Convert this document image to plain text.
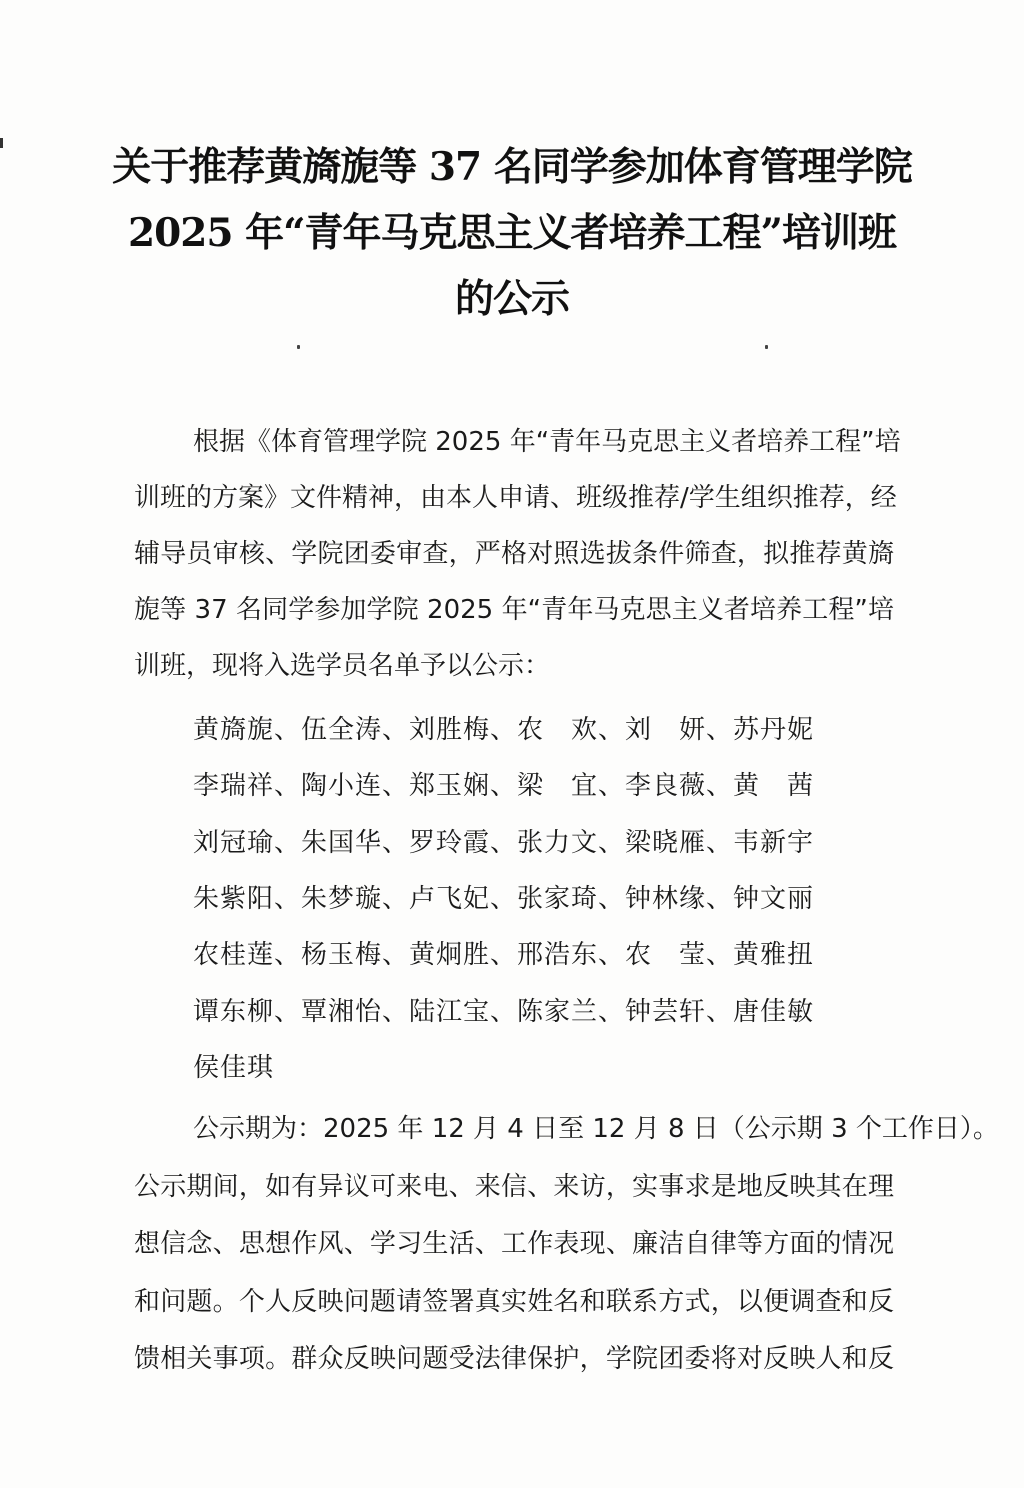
关于推荐黄旖旎等 37 名同学参加体育管理学院
2025 年“青年马克思主义者培养工程”培训班
的公示
根据《体育管理学院 2025 年“青年马克思主义者培养工程”培
训班的方案》文件精神，由本人申请、班级推荐/学生组织推荐，经
辅导员审核、学院团委审查，严格对照选拔条件筛查，拟推荐黄旖
旎等 37 名同学参加学院 2025 年“青年马克思主义者培养工程”培
训班，现将入选学员名单予以公示：
黄旖旎、伍全涛、刘胜梅、农　欢、刘　妍、苏丹妮
李瑞祥、陶小连、郑玉娴、梁　宜、李良薇、黄　茜
刘冠瑜、朱国华、罗玲霞、张力文、梁晓雁、韦新宇
朱紫阳、朱梦璇、卢飞妃、张家琦、钟林缘、钟文丽
农桂莲、杨玉梅、黄炯胜、邢浩东、农　莹、黄雅扭
谭东柳、覃湘怡、陆江宝、陈家兰、钟芸轩、唐佳敏
侯佳琪
公示期为：2025 年 12 月 4 日至 12 月 8 日（公示期 3 个工作日）。
公示期间，如有异议可来电、来信、来访，实事求是地反映其在理
想信念、思想作风、学习生活、工作表现、廉洁自律等方面的情况
和问题。个人反映问题请签署真实姓名和联系方式，以便调查和反
馈相关事项。群众反映问题受法律保护，学院团委将对反映人和反
